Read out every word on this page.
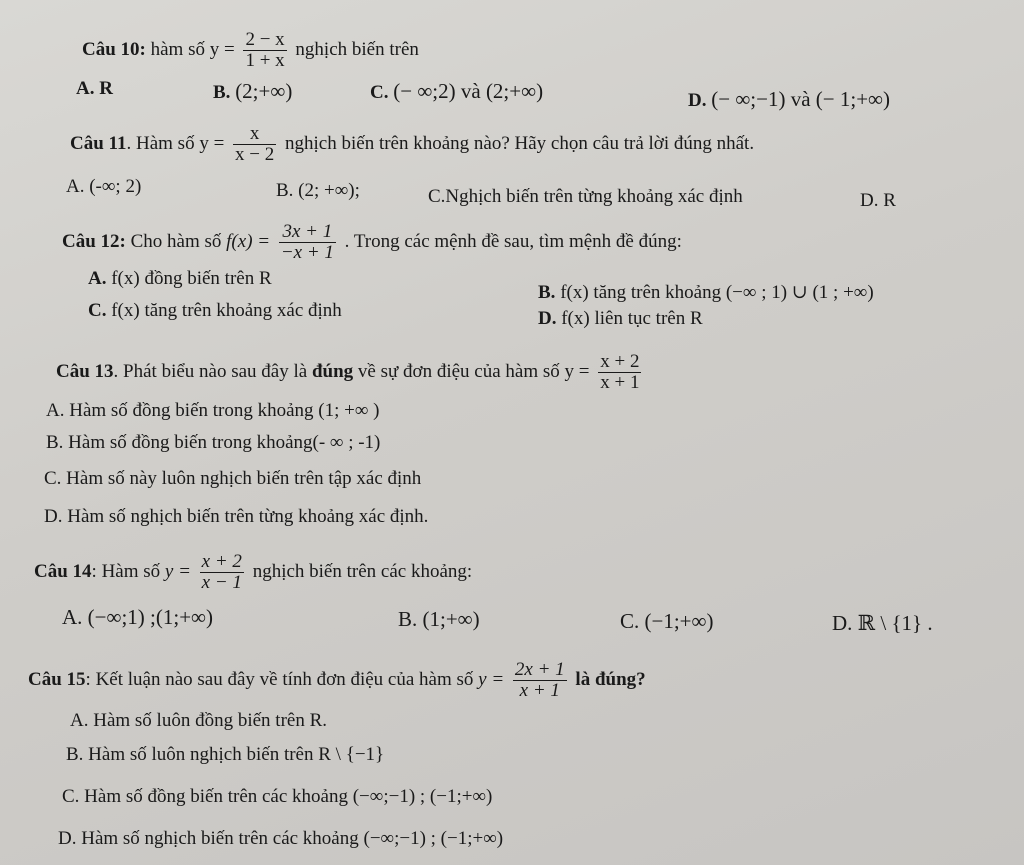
Câu 10: hàm số $y = \frac{2 - x}{1 + x}$ nghịch biến trên
A. R	B. (2;+∞)	C. (− ∞;2) và (2;+∞)	D. (− ∞;−1) và (− 1;+∞)
Câu 11. Hàm số $y = \frac{x}{x - 2}$ nghịch biến trên khoảng nào? Hãy chọn câu trả lời đúng nhất.
A. (-∞; 2)	B. (2; +∞);	C.Nghịch biến trên từng khoảng xác định	D. R
Câu 12: Cho hàm số $f(x) = \frac{3x + 1}{-x + 1}$ . Trong các mệnh đề sau, tìm mệnh đề đúng:
A. f(x) đồng biến trên R
B. f(x) tăng trên khoảng (−∞ ; 1) ∪ (1 ; +∞)
C. f(x) tăng trên khoảng xác định	D. f(x) liên tục trên R
Câu 13. Phát biểu nào sau đây là đúng về sự đơn điệu của hàm số $y = \frac{x + 2}{x + 1}$
A. Hàm số đồng biến trong khoảng (1; +∞ )
B. Hàm số đồng biến trong khoảng(- ∞ ; -1)
C. Hàm số này luôn nghịch biến trên tập xác định
D. Hàm số nghịch biến trên từng khoảng xác định.
Câu 14: Hàm số $y = \frac{x + 2}{x - 1}$ nghịch biến trên các khoảng:
A. (−∞;1) ;(1;+∞)	B. (1;+∞)	C. (−1;+∞)	D. ℝ \ {1} .
Câu 15: Kết luận nào sau đây về tính đơn điệu của hàm số $y = \frac{2x + 1}{x + 1}$ là đúng?
A. Hàm số luôn đồng biến trên R.
B. Hàm số luôn nghịch biến trên R \ {−1}
C. Hàm số đồng biến trên các khoảng (−∞;−1) ; (−1;+∞)
D. Hàm số nghịch biến trên các khoảng (−∞;−1) ; (−1;+∞)
